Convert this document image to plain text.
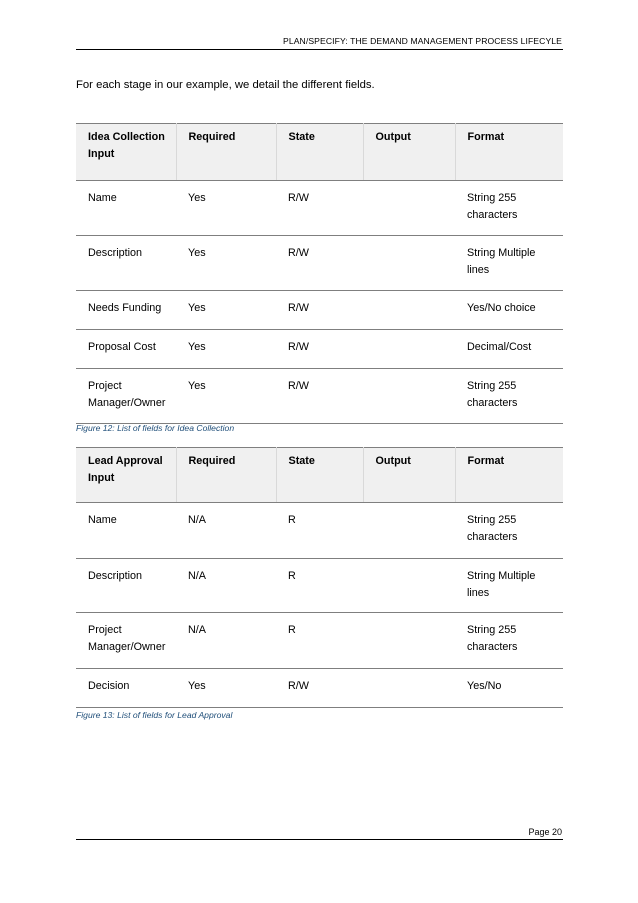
PLAN/SPECIFY: THE DEMAND MANAGEMENT PROCESS LIFECYLE
For each stage in our example, we detail the different fields.
Idea Collection Input	Required	State	Output	Format
Name	Yes	R/W		String 255 characters
Description	Yes	R/W		String Multiple lines
Needs Funding	Yes	R/W		Yes/No choice
Proposal Cost	Yes	R/W		Decimal/Cost
Project Manager/Owner	Yes	R/W		String 255 characters
Figure 12: List of fields for Idea Collection
Lead Approval Input	Required	State	Output	Format
Name	N/A	R		String 255 characters
Description	N/A	R		String Multiple lines
Project Manager/Owner	N/A	R		String 255 characters
Decision	Yes	R/W		Yes/No
Figure 13: List of fields for Lead Approval
Page 20
